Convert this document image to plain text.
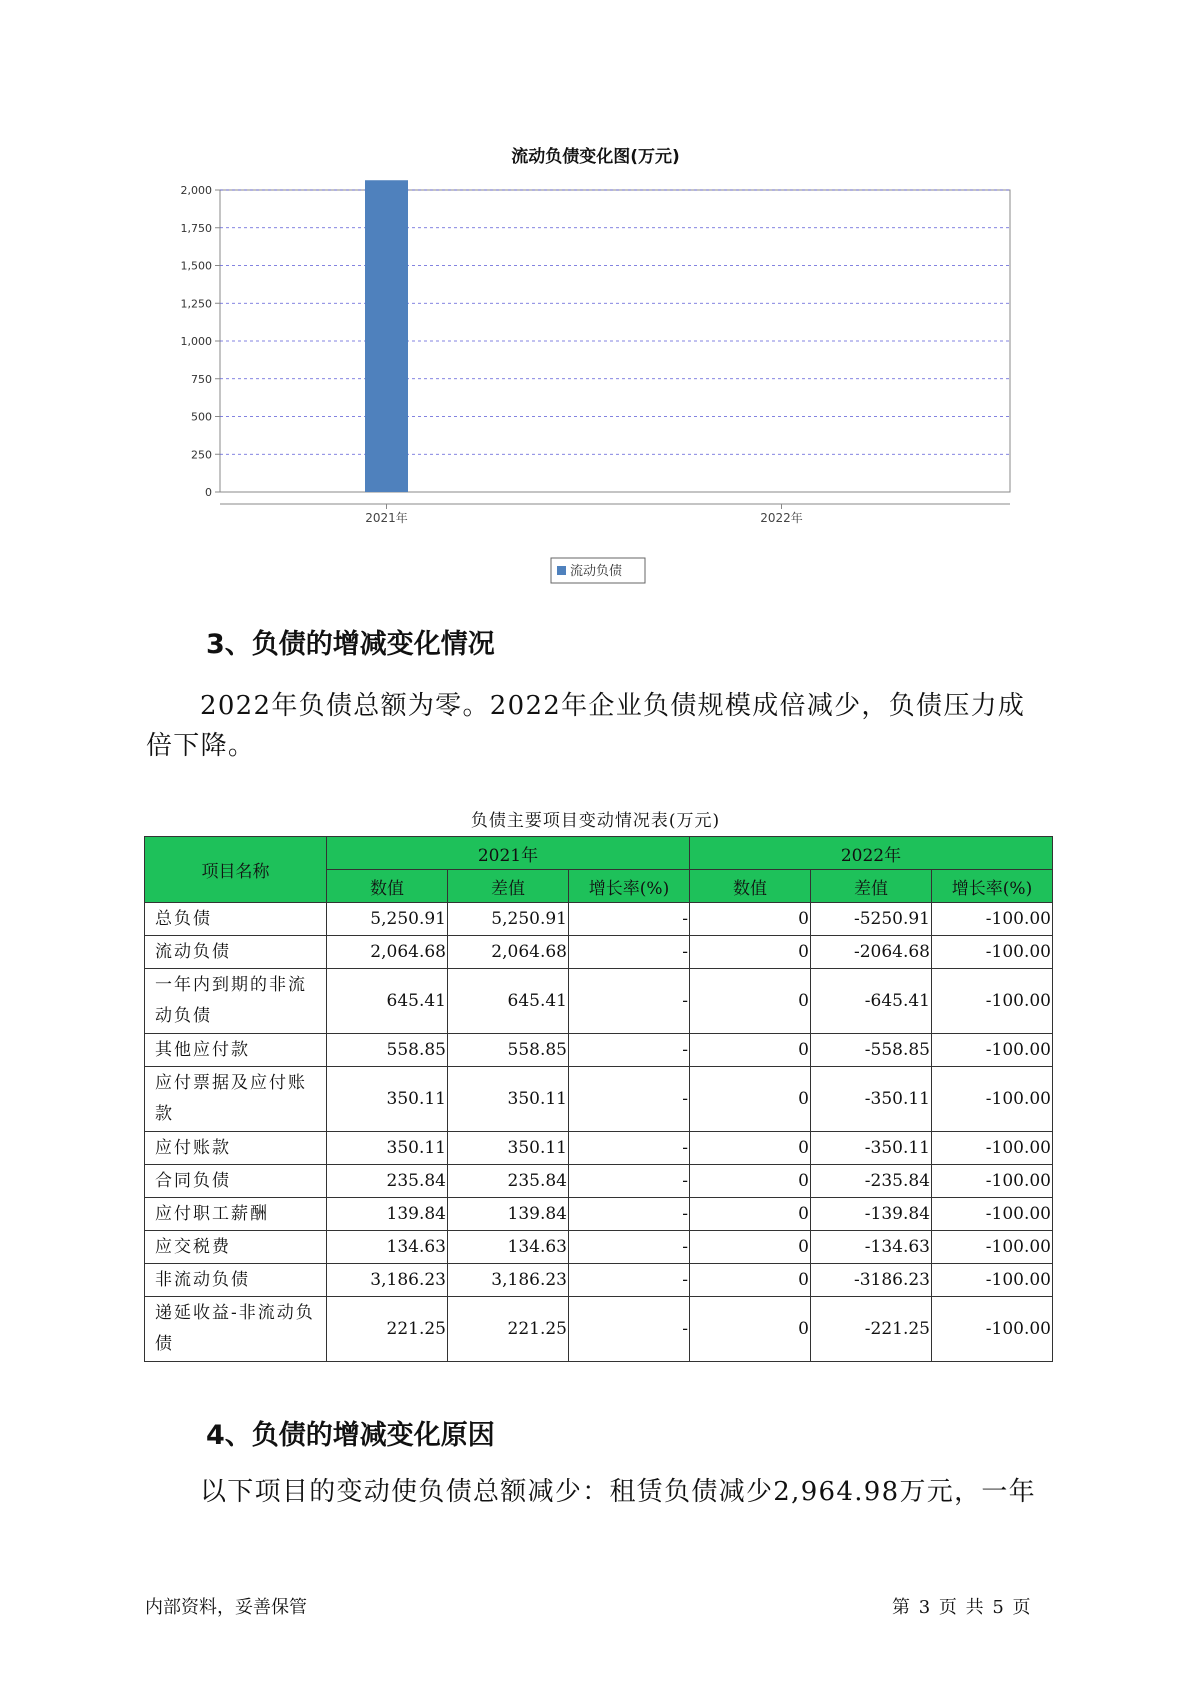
流动负债变化图(万元)
0
250
500
750
1,000
1,250
1,500
1,750
2,000
2021年	2022年
流动负债
3、负债的增减变化情况
2022年负债总额为零。2022年企业负债规模成倍减少，负债压力成倍下降。
负债主要项目变动情况表(万元)
项目名称	2021年			2022年		
	数值	差值	增长率(%)	数值	差值	增长率(%)
总负债	5,250.91	5,250.91	-	0	-5250.91	-100.00
流动负债	2,064.68	2,064.68	-	0	-2064.68	-100.00
一年内到期的非流动负债	645.41	645.41	-	0	-645.41	-100.00
其他应付款	558.85	558.85	-	0	-558.85	-100.00
应付票据及应付账款	350.11	350.11	-	0	-350.11	-100.00
应付账款	350.11	350.11	-	0	-350.11	-100.00
合同负债	235.84	235.84	-	0	-235.84	-100.00
应付职工薪酬	139.84	139.84	-	0	-139.84	-100.00
应交税费	134.63	134.63	-	0	-134.63	-100.00
非流动负债	3,186.23	3,186.23	-	0	-3186.23	-100.00
递延收益-非流动负债	221.25	221.25	-	0	-221.25	-100.00
4、负债的增减变化原因
以下项目的变动使负债总额减少：租赁负债减少2,964.98万元，一年
内部资料，妥善保管	第 3 页 共 5 页
